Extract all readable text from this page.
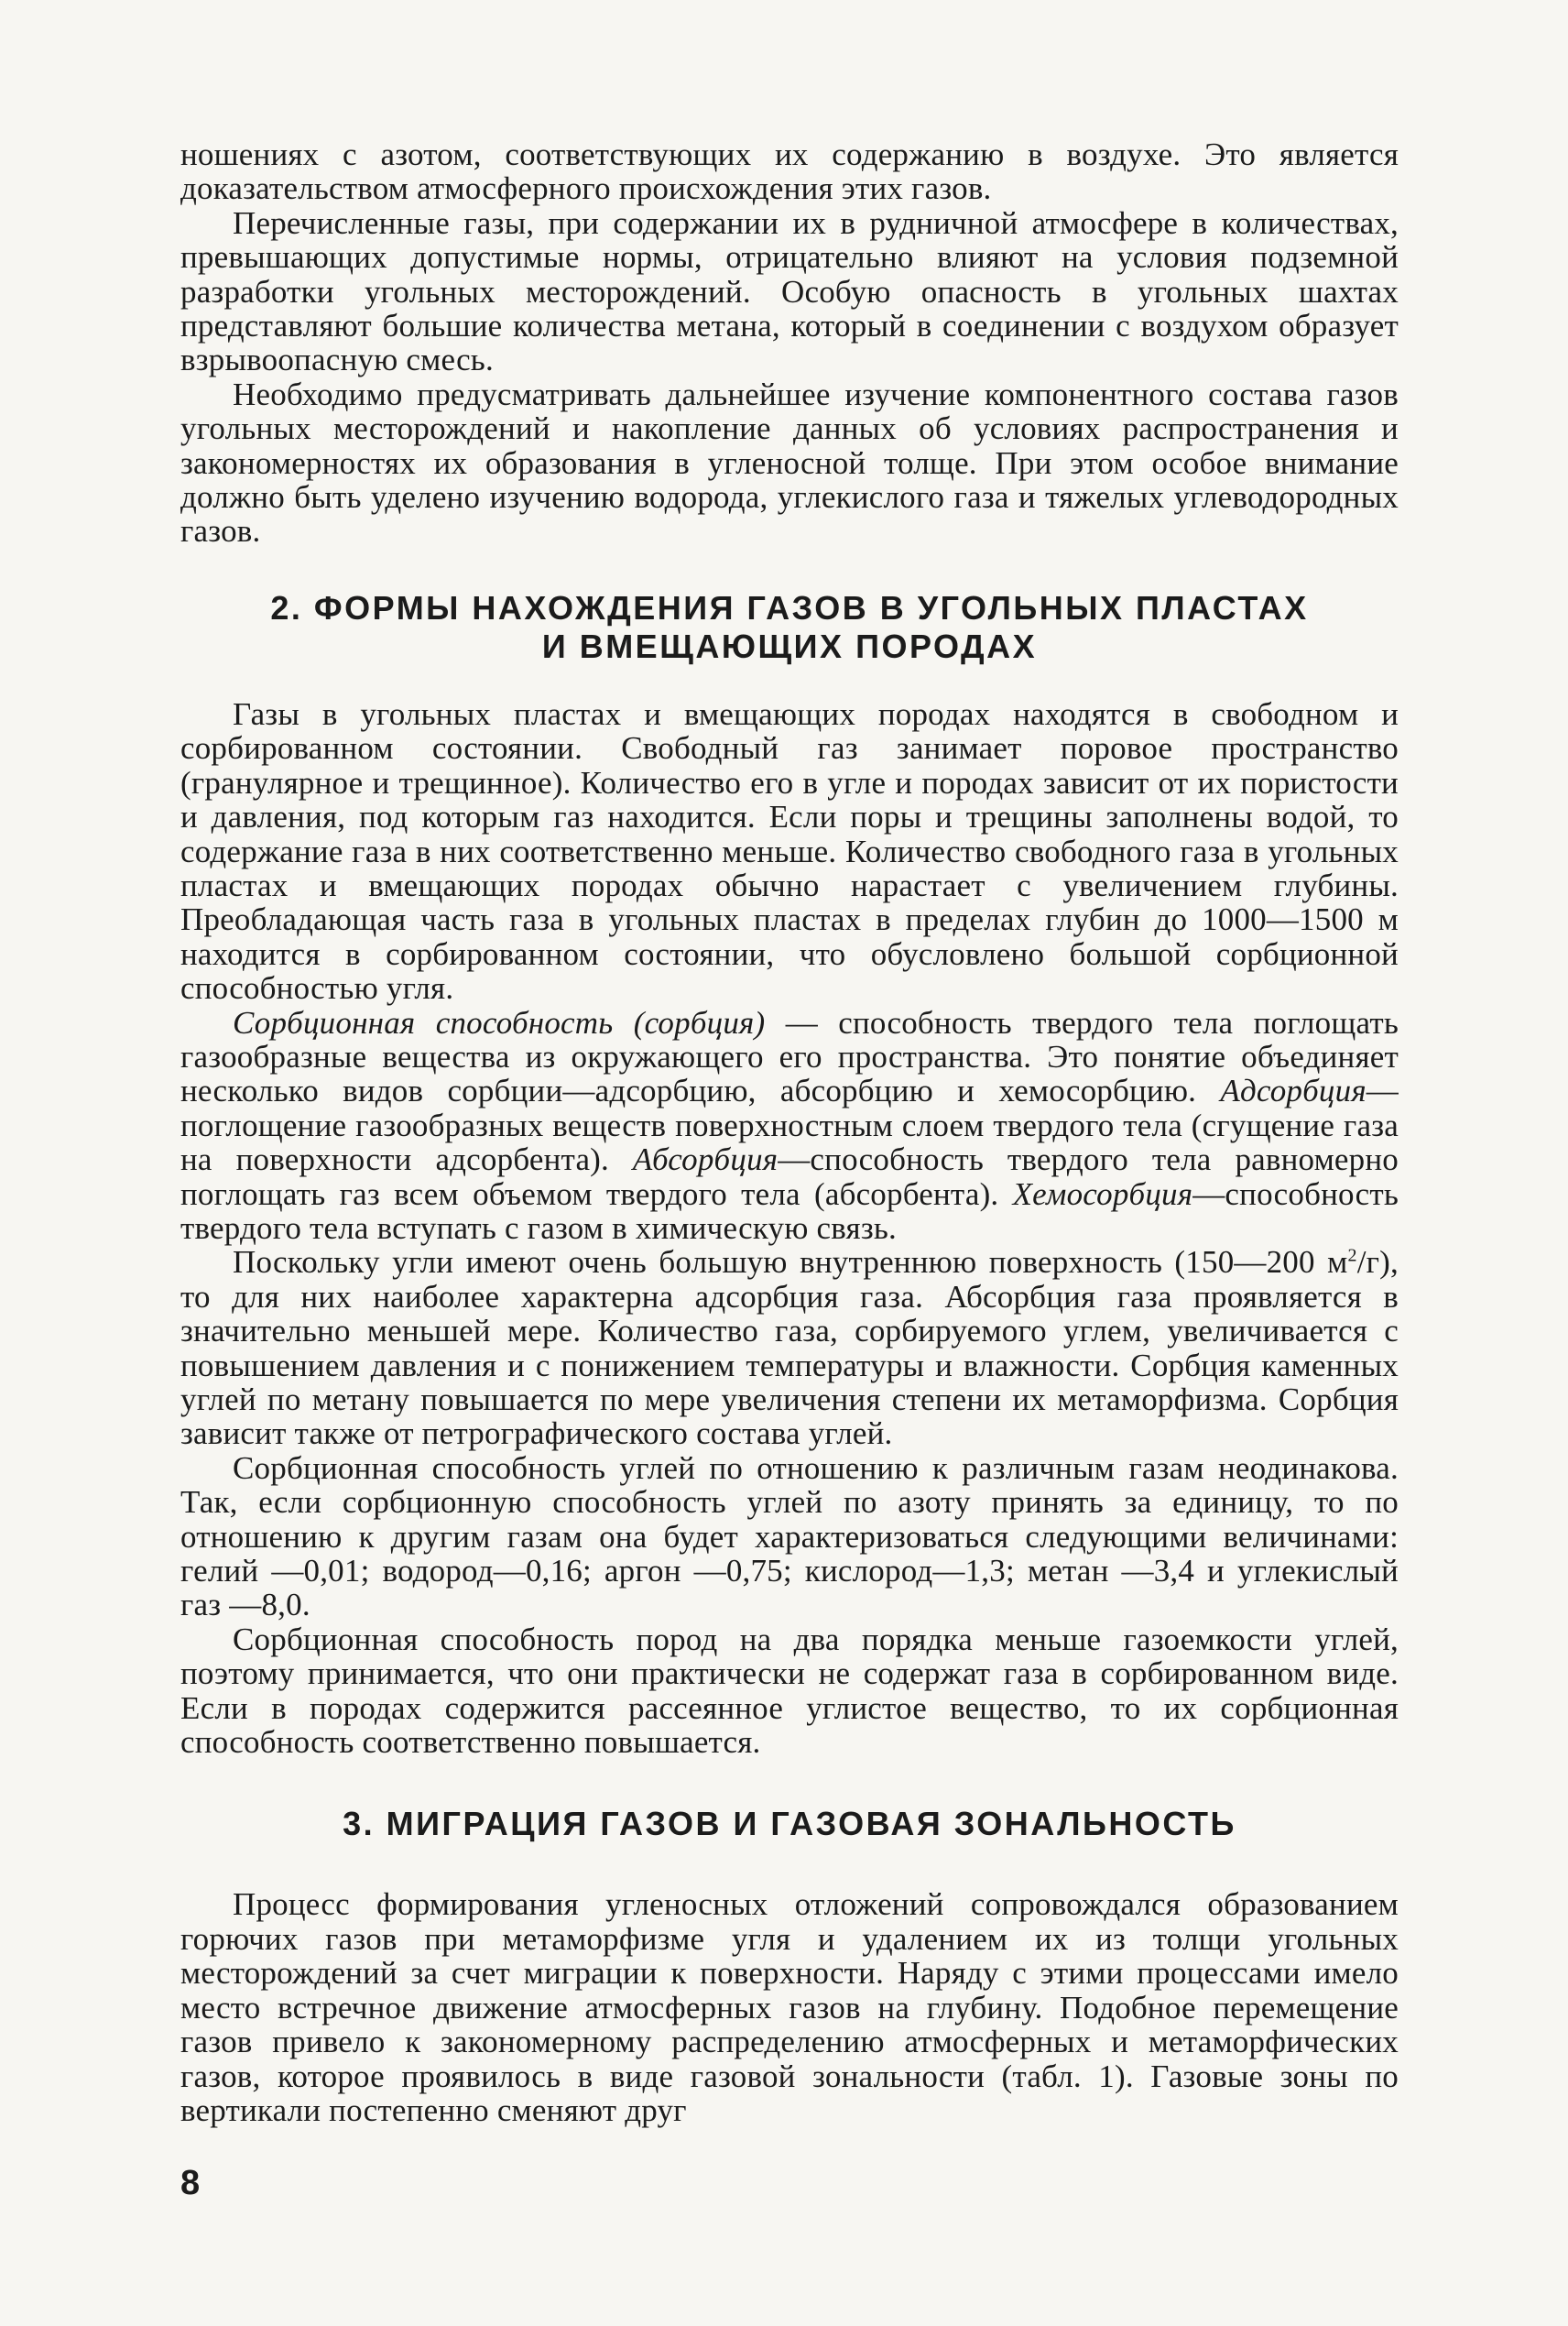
ношениях с азотом, соответствующих их содержанию в воздухе. Это является доказательством атмосферного происхождения этих газов.

Перечисленные газы, при содержании их в рудничной атмосфере в количествах, превышающих допустимые нормы, отрицательно влияют на условия подземной разработки угольных месторождений. Особую опасность в угольных шахтах представляют большие количества метана, который в соединении с воздухом образует взрывоопасную смесь.

Необходимо предусматривать дальнейшее изучение компонентного состава газов угольных месторождений и накопление данных об условиях распространения и закономерностях их образования в угленосной толще. При этом особое внимание должно быть уделено изучению водорода, углекислого газа и тяжелых углеводородных газов.

2. ФОРМЫ НАХОЖДЕНИЯ ГАЗОВ В УГОЛЬНЫХ ПЛАСТАХ
И ВМЕЩАЮЩИХ ПОРОДАХ

Газы в угольных пластах и вмещающих породах находятся в свободном и сорбированном состоянии. Свободный газ занимает поровое пространство (гранулярное и трещинное). Количество его в угле и породах зависит от их пористости и давления, под которым газ находится. Если поры и трещины заполнены водой, то содержание газа в них соответственно меньше. Количество свободного газа в угольных пластах и вмещающих породах обычно нарастает с увеличением глубины. Преобладающая часть газа в угольных пластах в пределах глубин до 1000—1500 м находится в сорбированном состоянии, что обусловлено большой сорбционной способностью угля.

Сорбционная способность (сорбция) — способность твердого тела поглощать газообразные вещества из окружающего его пространства. Это понятие объединяет несколько видов сорбции—адсорбцию, абсорбцию и хемосорбцию. Адсорбция—поглощение газообразных веществ поверхностным слоем твердого тела (сгущение газа на поверхности адсорбента). Абсорбция—способность твердого тела равномерно поглощать газ всем объемом твердого тела (абсорбента). Хемосорбция—способность твердого тела вступать с газом в химическую связь.

Поскольку угли имеют очень большую внутреннюю поверхность (150—200 $м^2/г$), то для них наиболее характерна адсорбция газа. Абсорбция газа проявляется в значительно меньшей мере. Количество газа, сорбируемого углем, увеличивается с повышением давления и с понижением температуры и влажности. Сорбция каменных углей по метану повышается по мере увеличения степени их метаморфизма. Сорбция зависит также от петрографического состава углей.

Сорбционная способность углей по отношению к различным газам неодинакова. Так, если сорбционную способность углей по азоту принять за единицу, то по отношению к другим газам она будет характеризоваться следующими величинами: гелий —0,01; водород—0,16; аргон —0,75; кислород—1,3; метан —3,4 и углекислый газ —8,0.

Сорбционная способность пород на два порядка меньше газоемкости углей, поэтому принимается, что они практически не содержат газа в сорбированном виде. Если в породах содержится рассеянное углистое вещество, то их сорбционная способность соответственно повышается.

3. МИГРАЦИЯ ГАЗОВ И ГАЗОВАЯ ЗОНАЛЬНОСТЬ

Процесс формирования угленосных отложений сопровождался образованием горючих газов при метаморфизме угля и удалением их из толщи угольных месторождений за счет миграции к поверхности. Наряду с этими процессами имело место встречное движение атмосферных газов на глубину. Подобное перемещение газов привело к закономерному распределению атмосферных и метаморфических газов, которое проявилось в виде газовой зональности (табл. 1). Газовые зоны по вертикали постепенно сменяют друг

8
